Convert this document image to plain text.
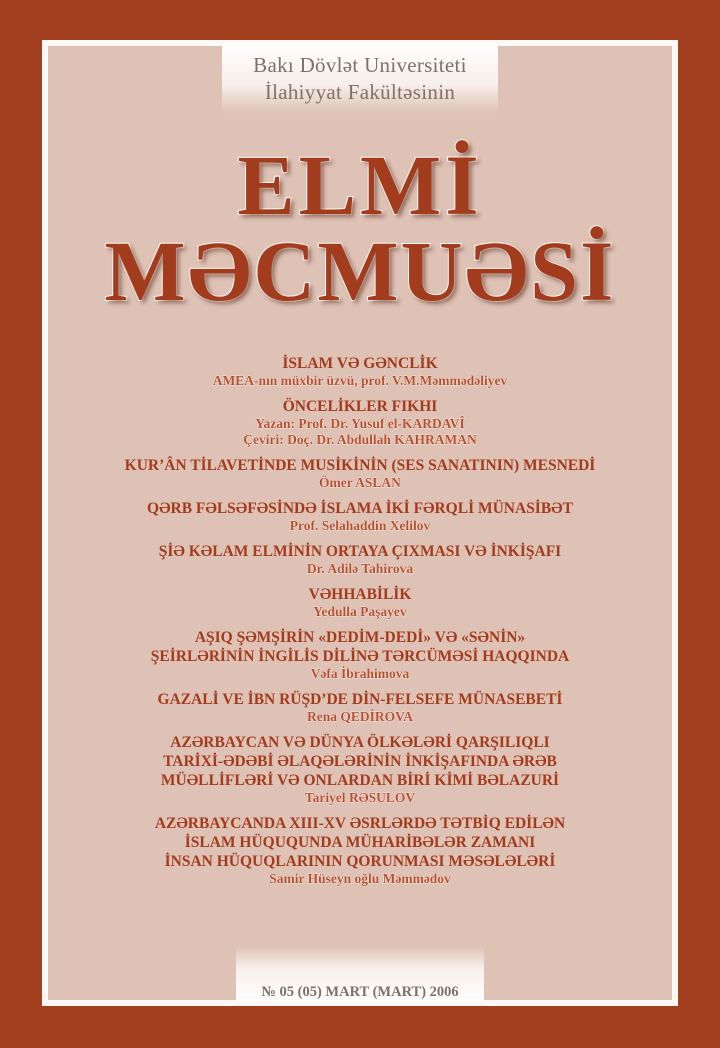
Bakı Dövlət Universiteti
İlahiyyat Fakültəsinin
ELMİ
MƏCMUƏSİ
İSLAM VƏ GƏNCLİK
AMEA-nın müxbir üzvü, prof. V.M.Məmmədəliyev
ÖNCELİKLER FIKHI
Yazan: Prof. Dr. Yusuf el-KARDAVÎ
Çeviri: Doç. Dr. Abdullah KAHRAMAN
KUR’ÂN TİLAVETİNDE MUSİKİNİN (SES SANATININ) MESNEDİ
Ömer ASLAN
QƏRB FƏLSƏFƏSİNDƏ İSLAMA İKİ FƏRQLİ MÜNASİBƏT
Prof. Selahaddin Xelilov
ŞİƏ KƏLAM ELMİNİN ORTAYA ÇIXMASI VƏ İNKİŞAFI
Dr. Adilə Tahirova
VƏHHABİLİK
Yedulla Paşayev
AŞIQ ŞƏMŞİRİN «DEDİM-DEDİ» VƏ «SƏNİN»
ŞEİRLƏRİNİN İNGİLİS DİLİNƏ TƏRCÜMƏSİ HAQQINDA
Vəfa İbrahimova
GAZALİ VE İBN RÜŞD’DE DİN-FELSEFE MÜNASEBETİ
Rena QEDİROVA
AZƏRBAYCAN VƏ DÜNYA ÖLKƏLƏRİ QARŞILIQLI
TARİXİ-ƏDƏBİ ƏLAQƏLƏRİNİN İNKİŞAFINDA ƏRƏB
MÜƏLLİFLƏRİ VƏ ONLARDAN BİRİ KİMİ BƏLAZURİ
Tariyel RƏSULOV
AZƏRBAYCANDA XIII-XV ƏSRLƏRDƏ TƏTBİQ EDİLƏN
İSLAM HÜQUQUNDA MÜHARİBƏLƏR ZAMANI
İNSAN HÜQUQLARININ QORUNMASI MƏSƏLƏLƏRİ
Samir Hüseyn oğlu Məmmədov
№ 05 (05) MART (MART) 2006
